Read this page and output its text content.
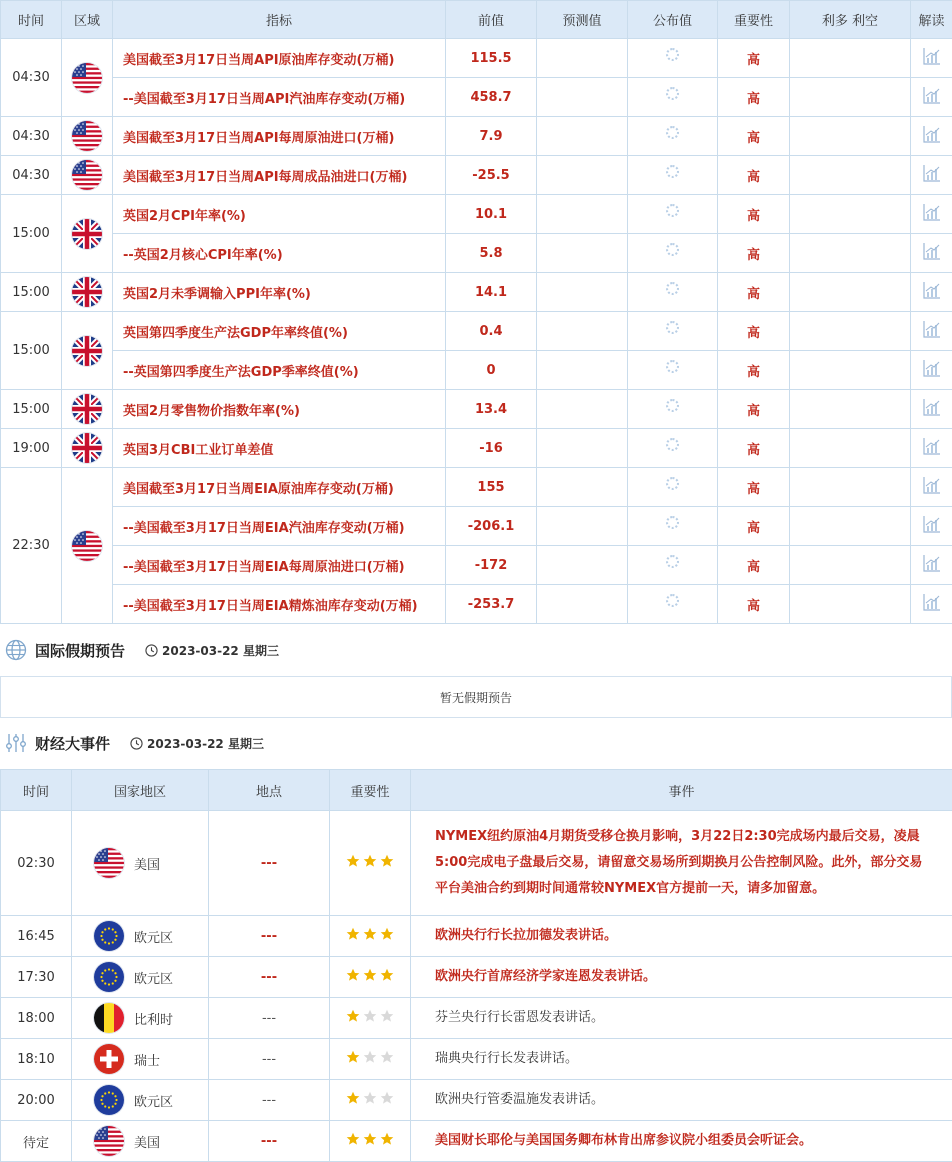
时间	区域	指标	前值	预测值	公布值	重要性	利多 利空	解读
04:30		美国截至3月17日当周API原油库存变动(万桶)	115.5			高		
		--美国截至3月17日当周API汽油库存变动(万桶)	458.7			高		
04:30		美国截至3月17日当周API每周原油进口(万桶)	7.9			高		
04:30		美国截至3月17日当周API每周成品油进口(万桶)	-25.5			高		
15:00		英国2月CPI年率(%)	10.1			高		
		--英国2月核心CPI年率(%)	5.8			高		
15:00		英国2月未季调输入PPI年率(%)	14.1			高		
15:00		英国第四季度生产法GDP年率终值(%)	0.4			高		
		--英国第四季度生产法GDP季率终值(%)	0			高		
15:00		英国2月零售物价指数年率(%)	13.4			高		
19:00		英国3月CBI工业订单差值	-16			高		
22:30		美国截至3月17日当周EIA原油库存变动(万桶)	155			高		
		--美国截至3月17日当周EIA汽油库存变动(万桶)	-206.1			高		
		--美国截至3月17日当周EIA每周原油进口(万桶)	-172			高		
		--美国截至3月17日当周EIA精炼油库存变动(万桶)	-253.7			高		
国际假期预告	2023-03-22 星期三
暂无假期预告
财经大事件	2023-03-22 星期三
时间	国家地区	地点	重要性	事件
02:30	美国	---		NYMEX纽约原油4月期货受移仓换月影响，3月22日2:30完成场内最后交易，凌晨5:00完成电子盘最后交易，请留意交易场所到期换月公告控制风险。此外，部分交易平台美油合约到期时间通常较NYMEX官方提前一天，请多加留意。
16:45	欧元区	---		欧洲央行行长拉加德发表讲话。
17:30	欧元区	---		欧洲央行首席经济学家连恩发表讲话。
18:00	比利时	---		芬兰央行行长雷恩发表讲话。
18:10	瑞士	---		瑞典央行行长发表讲话。
20:00	欧元区	---		欧洲央行管委温施发表讲话。
待定	美国	---		美国财长耶伦与美国国务卿布林肯出席参议院小组委员会听证会。
